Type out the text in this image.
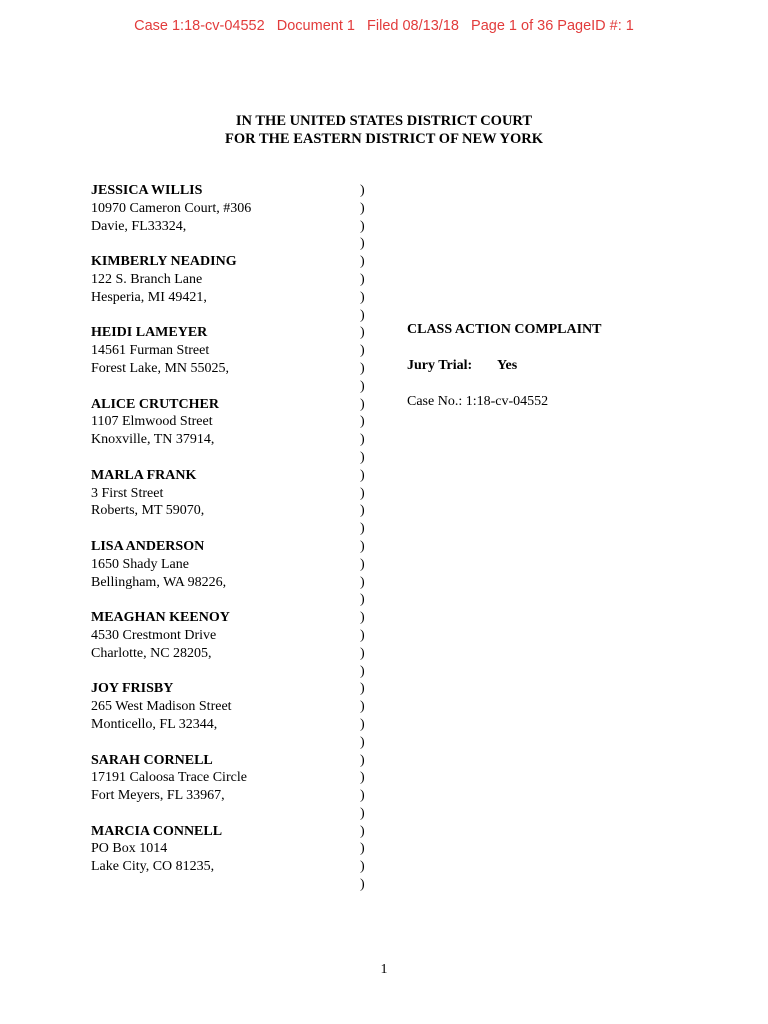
Case 1:18-cv-04552   Document 1   Filed 08/13/18   Page 1 of 36 PageID #: 1
IN THE UNITED STATES DISTRICT COURT
FOR THE EASTERN DISTRICT OF NEW YORK
JESSICA WILLIS
10970 Cameron Court, #306
Davie, FL33324,
KIMBERLY NEADING
122 S. Branch Lane
Hesperia, MI 49421,
HEIDI LAMEYER
14561 Furman Street
Forest Lake, MN 55025,
ALICE CRUTCHER
1107 Elmwood Street
Knoxville, TN 37914,
MARLA FRANK
3 First Street
Roberts, MT 59070,
LISA ANDERSON
1650 Shady Lane
Bellingham, WA 98226,
MEAGHAN KEENOY
4530 Crestmont Drive
Charlotte, NC 28205,
JOY FRISBY
265 West Madison Street
Monticello, FL 32344,
SARAH CORNELL
17191 Caloosa Trace Circle
Fort Meyers, FL 33967,
MARCIA CONNELL
PO Box 1014
Lake City, CO 81235,
)
)
)
)
)
)
)
)
)
)
)
)
)
)
)
)
)
)
)
)
)
)
)
)
)
)
)
)
)
)
)
)
)
)
)
)
)
)
)
)
CLASS ACTION COMPLAINT
Jury Trial: Yes
Case No.: 1:18-cv-04552
1
